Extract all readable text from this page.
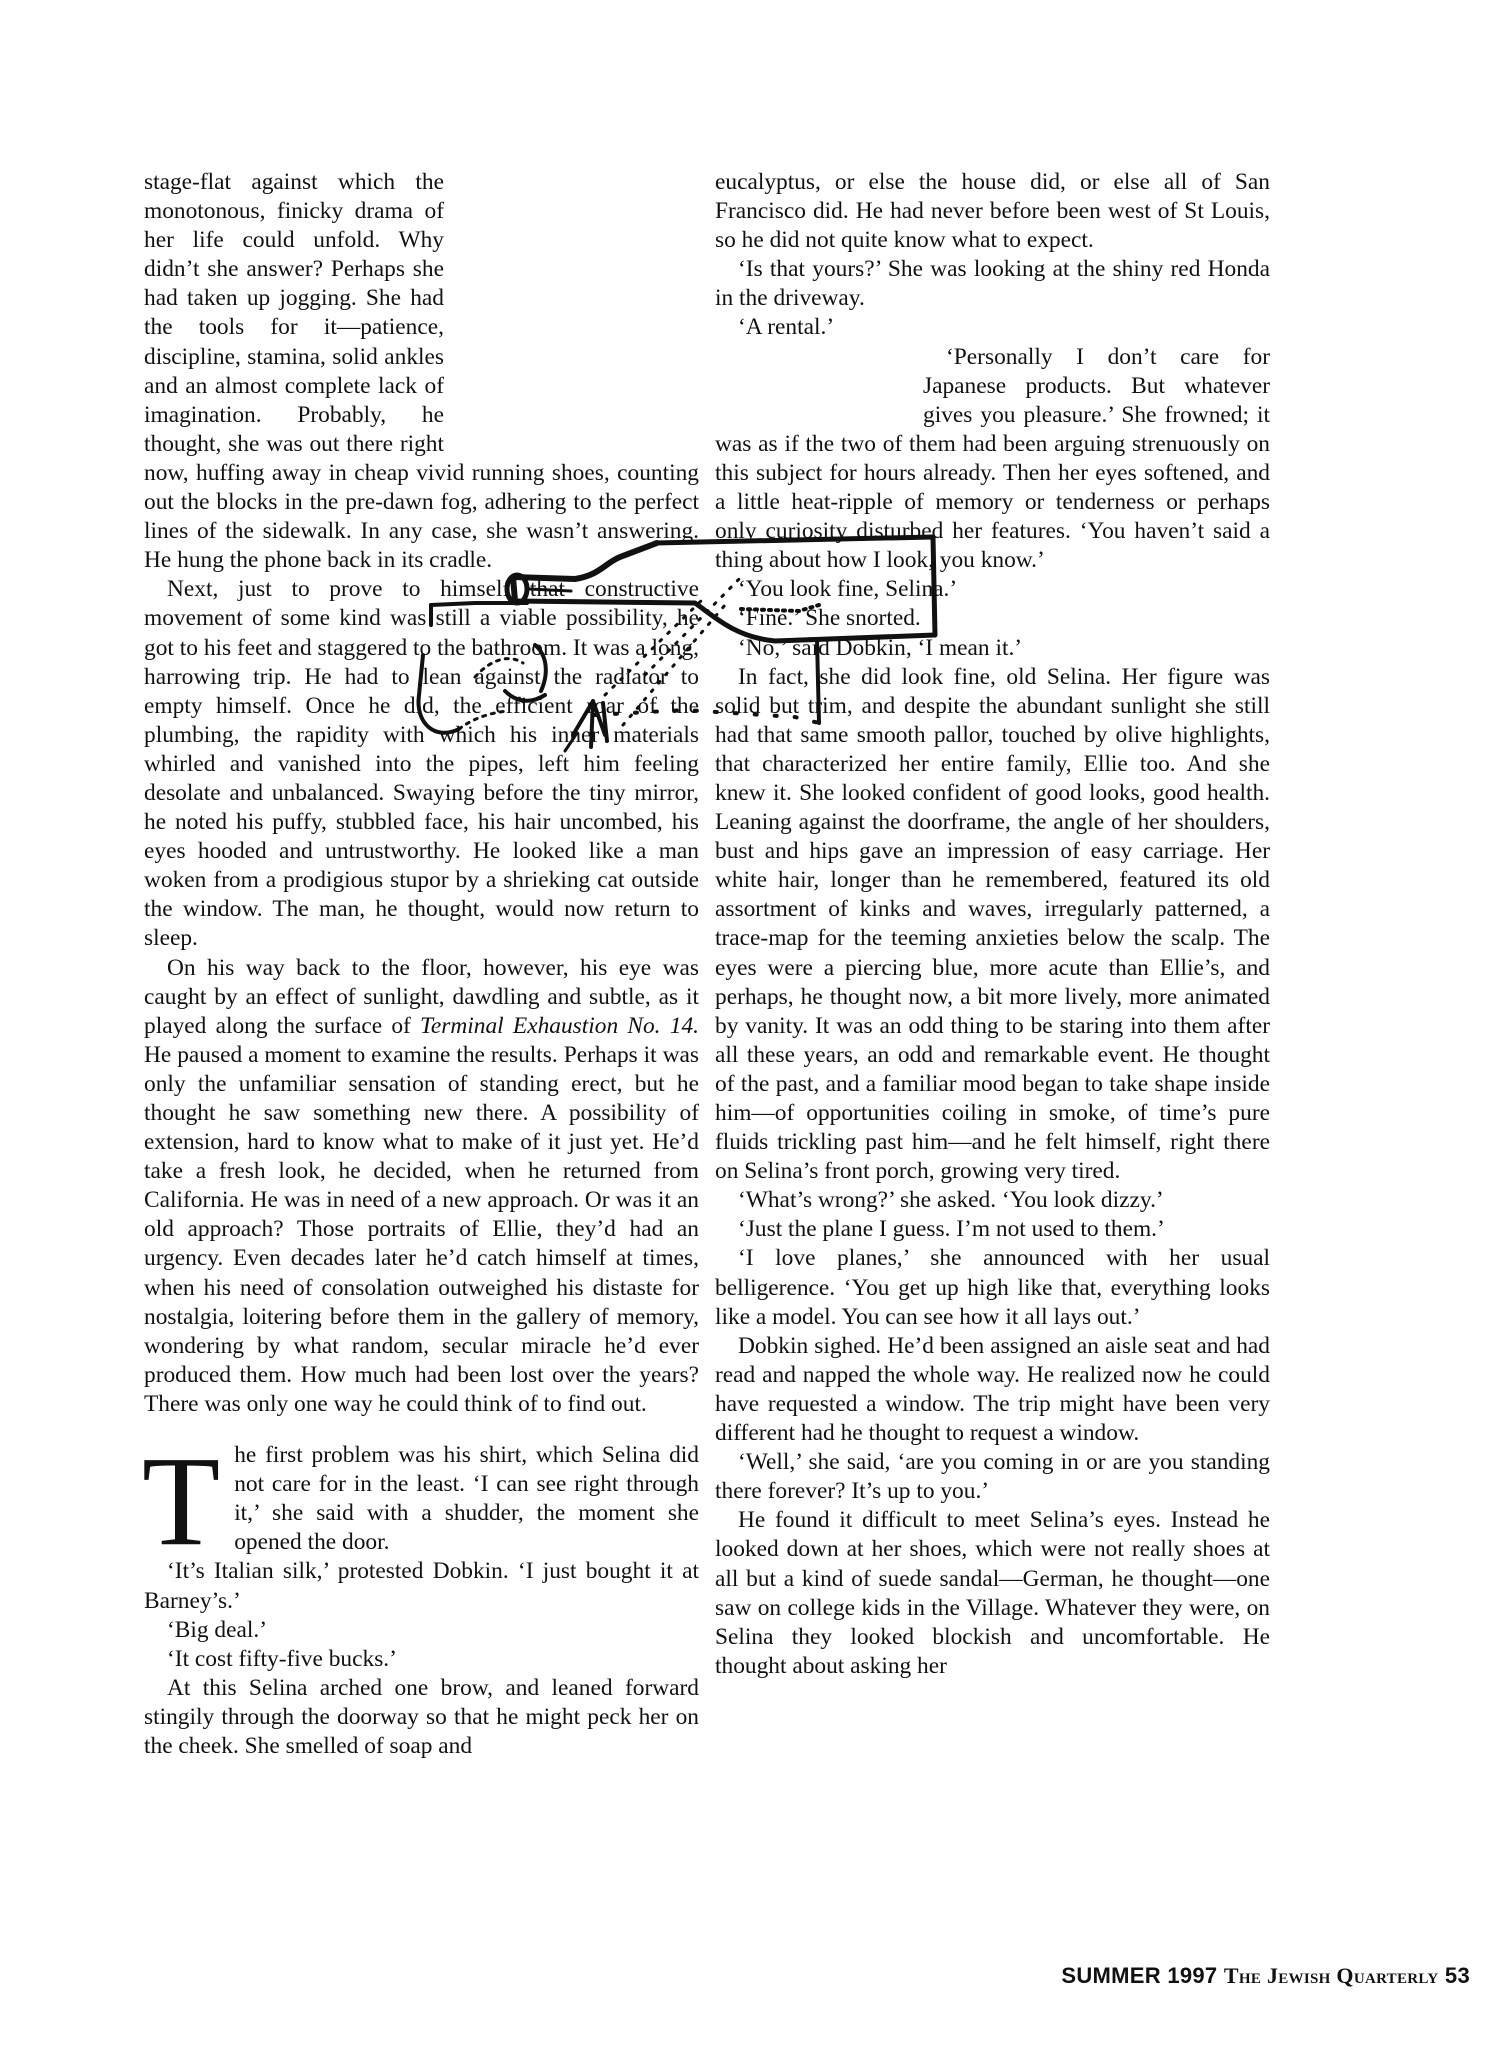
stage-flat against which the monotonous, finicky drama of her life could unfold. Why didn’t she answer? Perhaps she had taken up jogging. She had the tools for it—patience, discipline, stamina, solid ankles and an almost complete lack of imagination. Probably, he thought, she was out there right now, huffing away in cheap vivid running shoes, counting out the blocks in the pre-dawn fog, adhering to the perfect lines of the sidewalk. In any case, she wasn’t answering. He hung the phone back in its cradle.

Next, just to prove to himself that constructive movement of some kind was still a viable possibility, he got to his feet and staggered to the bathroom. It was a long, harrowing trip. He had to lean against the radiator to empty himself. Once he did, the efficient roar of the plumbing, the rapidity with which his inner materials whirled and vanished into the pipes, left him feeling desolate and unbalanced. Swaying before the tiny mirror, he noted his puffy, stubbled face, his hair uncombed, his eyes hooded and untrustworthy. He looked like a man woken from a prodigious stupor by a shrieking cat outside the window. The man, he thought, would now return to sleep.

On his way back to the floor, however, his eye was caught by an effect of sunlight, dawdling and subtle, as it played along the surface of Terminal Exhaustion No. 14. He paused a moment to examine the results. Perhaps it was only the unfamiliar sensation of standing erect, but he thought he saw something new there. A possibility of extension, hard to know what to make of it just yet. He’d take a fresh look, he decided, when he returned from California. He was in need of a new approach. Or was it an old approach? Those portraits of Ellie, they’d had an urgency. Even decades later he’d catch himself at times, when his need of consolation outweighed his distaste for nostalgia, loitering before them in the gallery of memory, wondering by what random, secular miracle he’d ever produced them. How much had been lost over the years? There was only one way he could think of to find out.

The first problem was his shirt, which Selina did not care for in the least. ‘I can see right through it,’ she said with a shudder, the moment she opened the door.

‘It’s Italian silk,’ protested Dobkin. ‘I just bought it at Barney’s.’

‘Big deal.’

‘It cost fifty-five bucks.’

At this Selina arched one brow, and leaned forward stingily through the doorway so that he might peck her on the cheek. She smelled of soap and

eucalyptus, or else the house did, or else all of San Francisco did. He had never before been west of St Louis, so he did not quite know what to expect.

‘Is that yours?’ She was looking at the shiny red Honda in the driveway.

‘A rental.’

‘Personally I don’t care for Japanese products. But whatever gives you pleasure.’ She frowned; it was as if the two of them had been arguing strenuously on this subject for hours already. Then her eyes softened, and a little heat-ripple of memory or tenderness or perhaps only curiosity disturbed her features. ‘You haven’t said a thing about how I look, you know.’

‘You look fine, Selina.’

‘Fine.’ She snorted.

‘No,’ said Dobkin, ‘I mean it.’

In fact, she did look fine, old Selina. Her figure was solid but trim, and despite the abundant sunlight she still had that same smooth pallor, touched by olive highlights, that characterized her entire family, Ellie too. And she knew it. She looked confident of good looks, good health. Leaning against the doorframe, the angle of her shoulders, bust and hips gave an impression of easy carriage. Her white hair, longer than he remembered, featured its old assortment of kinks and waves, irregularly patterned, a trace-map for the teeming anxieties below the scalp. The eyes were a piercing blue, more acute than Ellie’s, and perhaps, he thought now, a bit more lively, more animated by vanity. It was an odd thing to be staring into them after all these years, an odd and remarkable event. He thought of the past, and a familiar mood began to take shape inside him—of opportunities coiling in smoke, of time’s pure fluids trickling past him—and he felt himself, right there on Selina’s front porch, growing very tired.

‘What’s wrong?’ she asked. ‘You look dizzy.’

‘Just the plane I guess. I’m not used to them.’

‘I love planes,’ she announced with her usual belligerence. ‘You get up high like that, everything looks like a model. You can see how it all lays out.’

Dobkin sighed. He’d been assigned an aisle seat and had read and napped the whole way. He realized now he could have requested a window. The trip might have been very different had he thought to request a window.

‘Well,’ she said, ‘are you coming in or are you standing there forever? It’s up to you.’

He found it difficult to meet Selina’s eyes. Instead he looked down at her shoes, which were not really shoes at all but a kind of suede sandal—German, he thought—one saw on college kids in the Village. Whatever they were, on Selina they looked blockish and uncomfortable. He thought about asking her

SUMMER 1997 The Jewish Quarterly 53
